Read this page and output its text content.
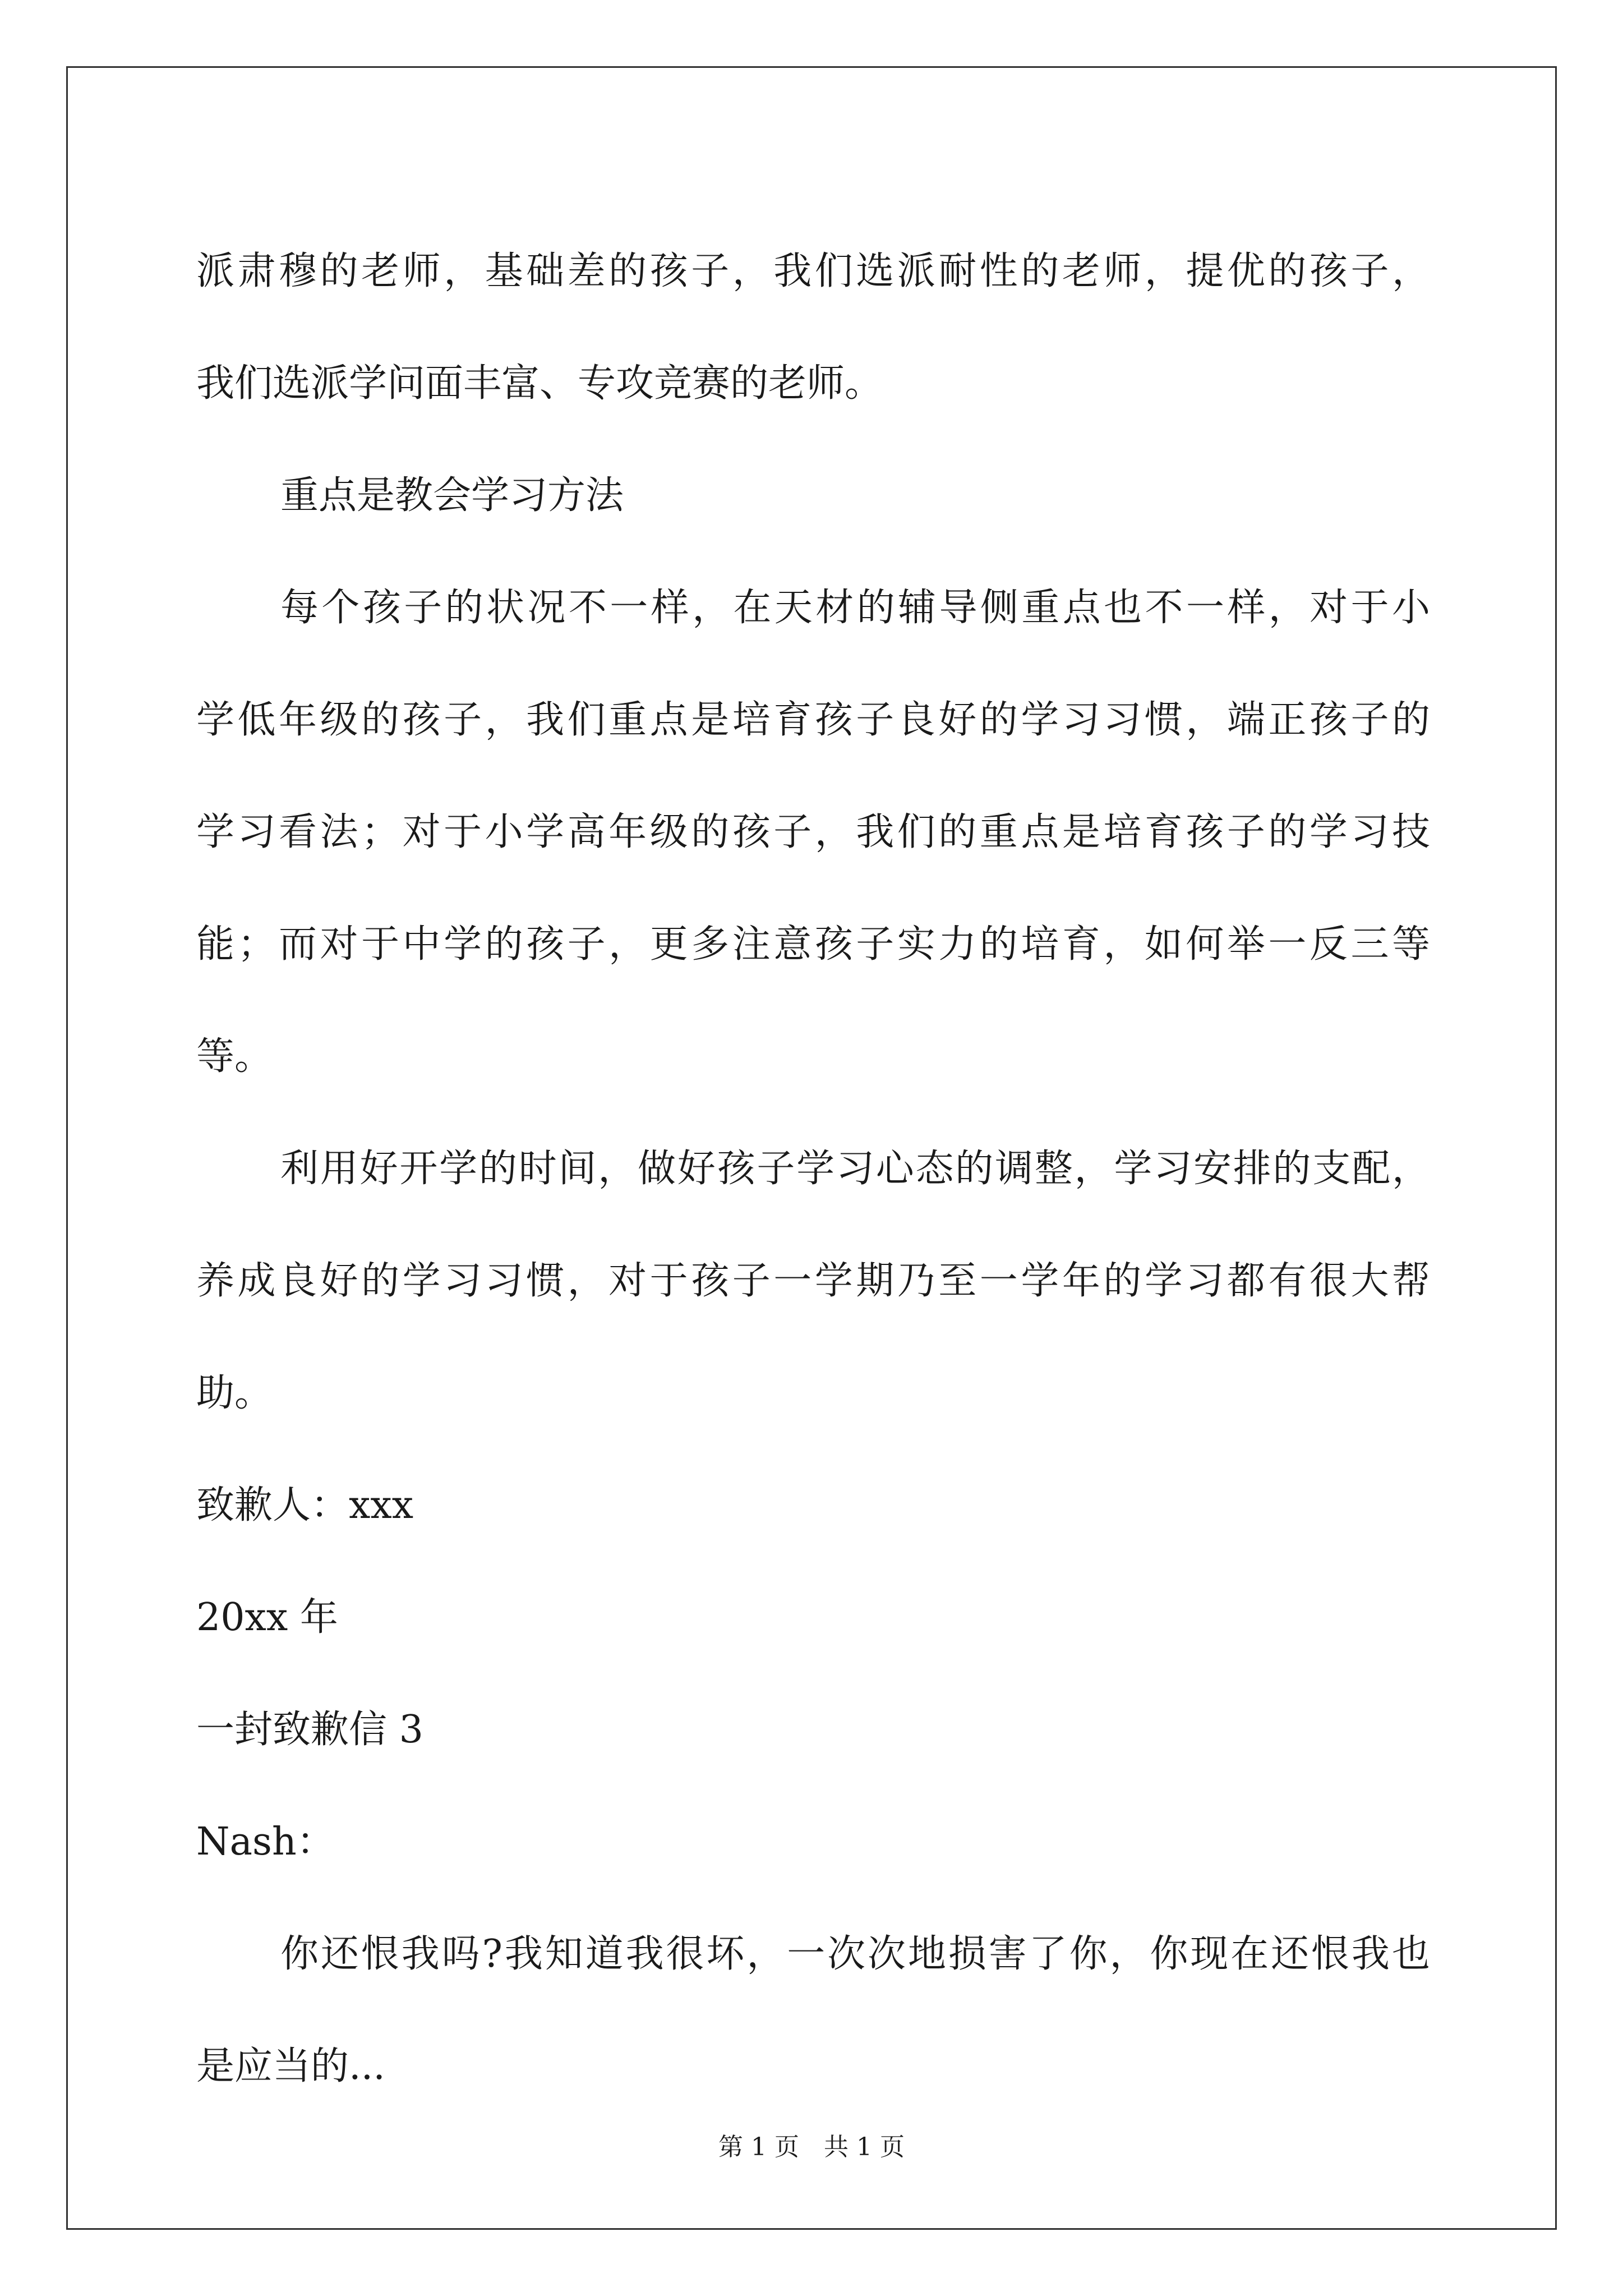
派 肃 穆 的 老 师 ， 基 础 差 的 孩 子 ， 我 们 选 派 耐 性 的 老 师 ， 提 优 的 孩 子 ，
我们选派学问面丰富、专攻竞赛的老师。
重点是教会学习方法
每 个 孩 子 的 状 况 不 一 样 ， 在 天 材 的 辅 导 侧 重 点 也 不 一 样 ， 对 于 小
学 低 年 级 的 孩 子 ， 我 们 重 点 是 培 育 孩 子 良 好 的 学 习 习 惯 ， 端 正 孩 子 的
学 习 看 法 ； 对 于 小 学 高 年 级 的 孩 子 ， 我 们 的 重 点 是 培 育 孩 子 的 学 习 技
能 ； 而 对 于 中 学 的 孩 子 ， 更 多 注 意 孩 子 实 力 的 培 育 ， 如 何 举 一 反 三 等
等。
利 用 好 开 学 的 时 间 ， 做 好 孩 子 学 习 心 态 的 调 整 ， 学 习 安 排 的 支 配 ，
养 成 良 好 的 学 习 习 惯 ， 对 于 孩 子 一 学 期 乃 至 一 学 年 的 学 习 都 有 很 大 帮
助。
致歉人：xxx
20xx 年
一封致歉信 3
Nash：
你 还 恨 我 吗 ? 我 知 道 我 很 坏 ， 一 次 次 地 损 害 了 你 ， 你 现 在 还 恨 我 也
是应当的...
第 1 页　共 1 页
